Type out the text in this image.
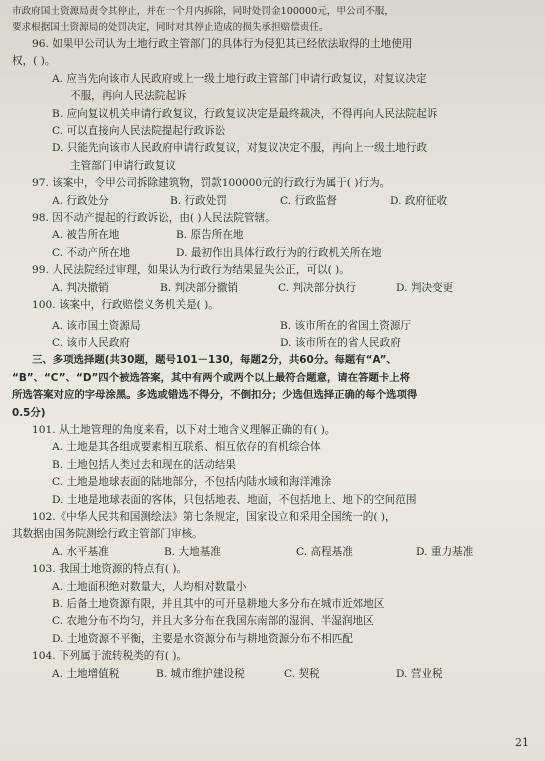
市政府国土资源局责令其停止，并在一个月内拆除，同时处罚金100000元，甲公司不服，
要求根据国土资源局的处罚决定，同时对其停止造成的损失承担赔偿责任。
96. 如果甲公司认为土地行政主管部门的具体行为侵犯其已经依法取得的土地使用
权，( )。
A. 应当先向该市人民政府或上一级土地行政主管部门申请行政复议，对复议决定
不服，再向人民法院起诉
B. 应向复议机关申请行政复议，行政复议决定是最终裁决，不得再向人民法院起诉
C. 可以直接向人民法院提起行政诉讼
D. 只能先向该市人民政府申请行政复议，对复议决定不服，再向上一级土地行政
主管部门申请行政复议
97. 该案中，令甲公司拆除建筑物，罚款100000元的行政行为属于( )行为。
A. 行政处分	B. 行政处罚	C. 行政监督	D. 政府征收
98. 因不动产提起的行政诉讼，由( )人民法院管辖。
A. 被告所在地	B. 原告所在地
C. 不动产所在地	D. 最初作出具体行政行为的行政机关所在地
99. 人民法院经过审理，如果认为行政行为结果显失公正，可以( )。
A. 判决撤销	B. 判决部分撤销	C. 判决部分执行	D. 判决变更
100. 该案中，行政赔偿义务机关是( )。
A. 该市国土资源局	B. 该市所在的省国土资源厅
C. 该市人民政府	D. 该市所在的省人民政府
三、多项选择题(共30题，题号101－130，每题2分，共60分。每题有“A”、
“B”、“C”、“D”四个被选答案，其中有两个或两个以上最符合题意，请在答题卡上将
所选答案对应的字母涂黑。多选或错选不得分，不倒扣分；少选但选择正确的每个选项得
0.5分)
101. 从土地管理的角度来看，以下对土地含义理解正确的有( )。
A. 土地是其各组成要素相互联系、相互依存的有机综合体
B. 土地包括人类过去和现在的活动结果
C. 土地是地球表面的陆地部分，不包括内陆水域和海洋滩涂
D. 土地是地球表面的客体，只包括地表、地面，不包括地上、地下的空间范围
102.《中华人民共和国测绘法》第七条规定，国家设立和采用全国统一的( )，
其数据由国务院测绘行政主管部门审核。
A. 水平基准	B. 大地基准	C. 高程基准	D. 重力基准
103. 我国土地资源的特点有( )。
A. 土地面积绝对数量大，人均相对数量小
B. 后备土地资源有限，并且其中的可开垦耕地大多分布在城市近郊地区
C. 农地分布不均匀，并且大多分布在我国东南部的湿润、半湿润地区
D. 土地资源不平衡，主要是水资源分布与耕地资源分布不相匹配
104. 下列属于流转税类的有( )。
A. 土地增值税	B. 城市维护建设税	C. 契税	D. 营业税
21
